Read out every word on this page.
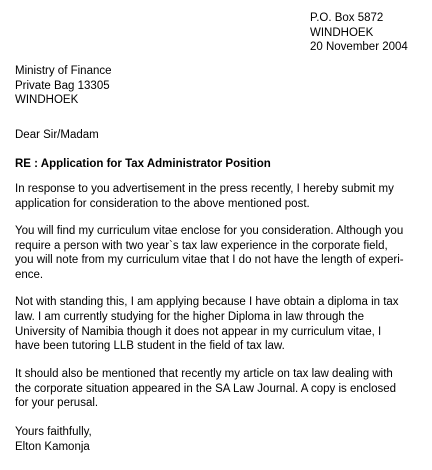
P.O. Box 5872
WINDHOEK
20 November 2004
Ministry of Finance
Private Bag 13305
WINDHOEK
Dear Sir/Madam
RE : Application for Tax Administrator Position
In response to you advertisement in the press recently, I hereby submit my
application for consideration to the above mentioned post.
You will find my curriculum vitae enclose for you consideration. Although you
require a person with two year`s tax law experience in the corporate field,
you will note from my curriculum vitae that I do not have the length of experi-
ence.
Not with standing this, I am applying because I have obtain a diploma in tax
law. I am currently studying for the higher Diploma in law through the
University of Namibia though it does not appear in my curriculum vitae, I
have been tutoring LLB student in the field of tax law.
It should also be mentioned that recently my article on tax law dealing with
the corporate situation appeared in the SA Law Journal. A copy is enclosed
for your perusal.
Yours faithfully,
Elton Kamonja
